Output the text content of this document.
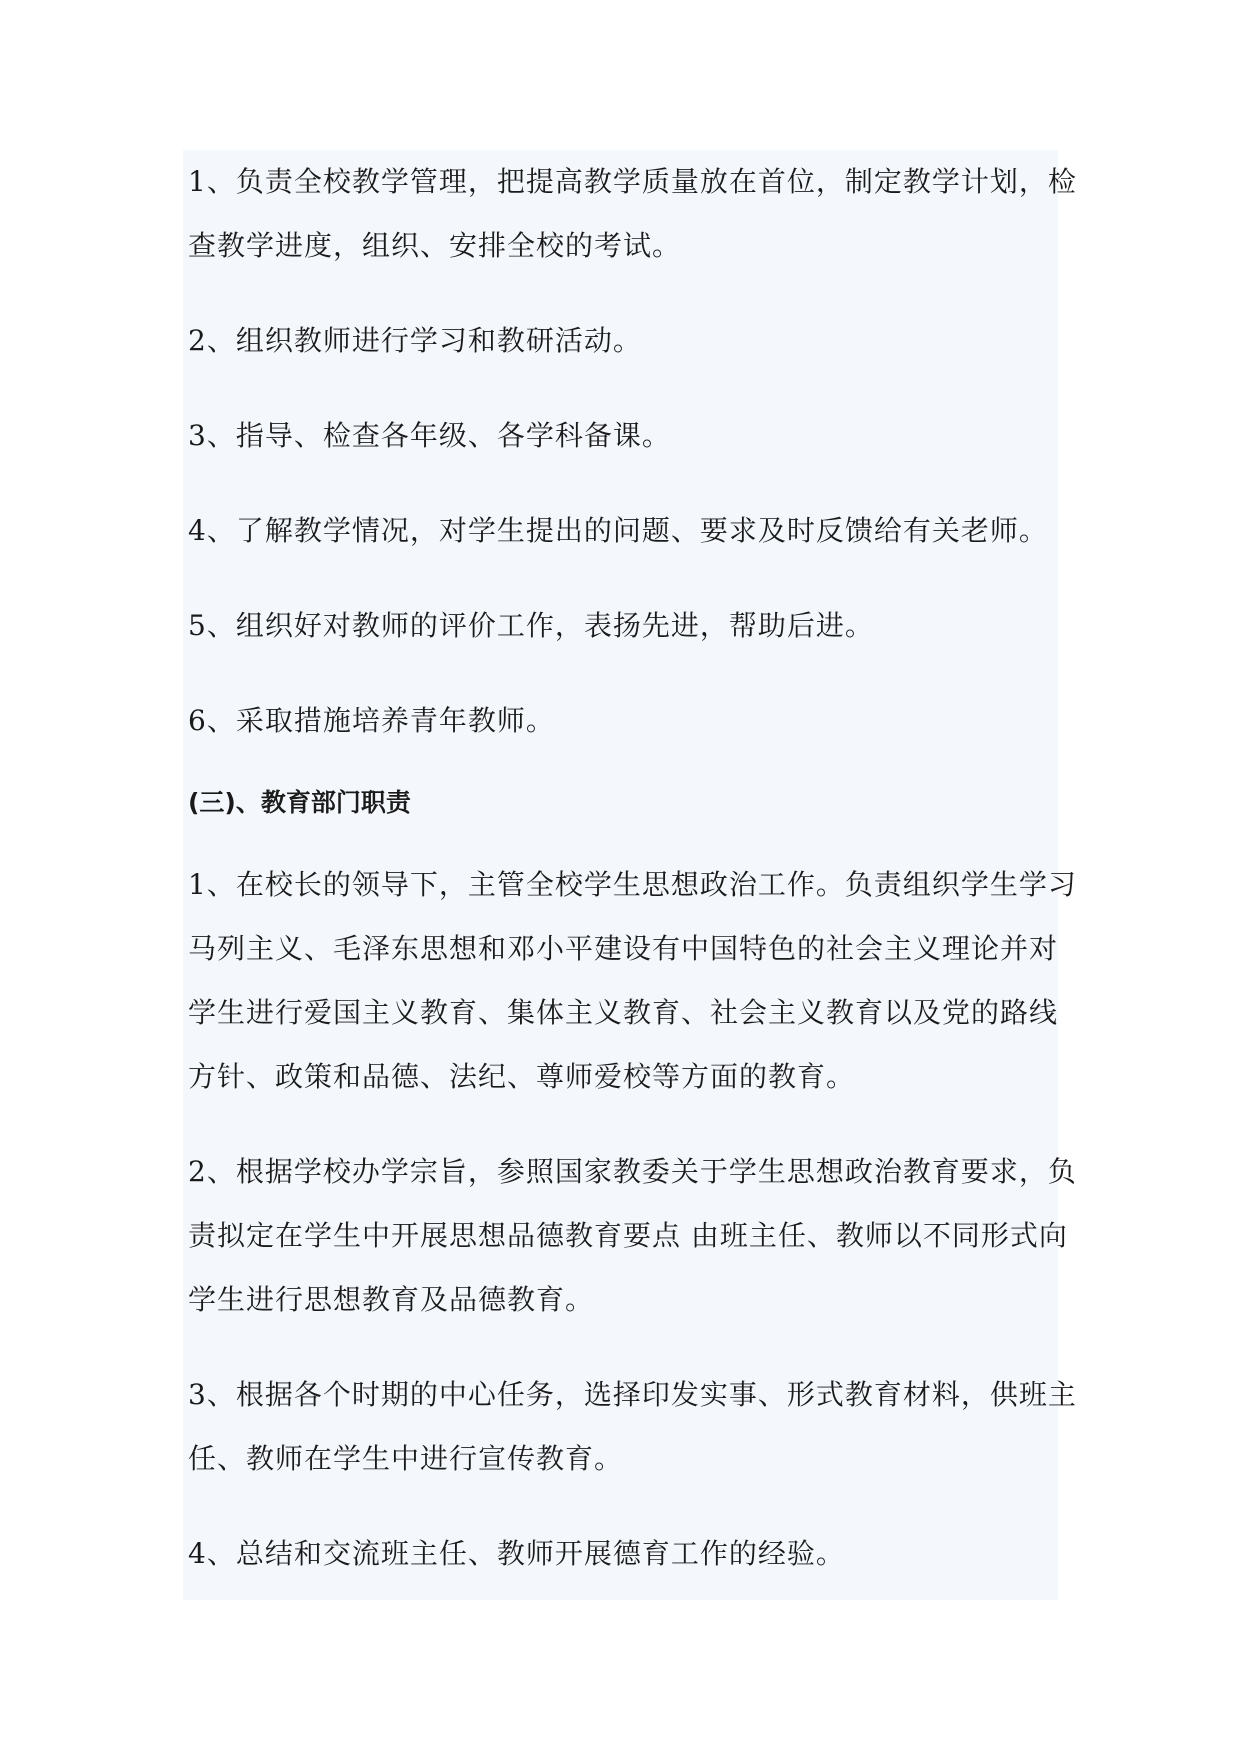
1、负责全校教学管理，把提高教学质量放在首位，制定教学计划，检查教学进度，组织、安排全校的考试。

2、组织教师进行学习和教研活动。

3、指导、检查各年级、各学科备课。

4、了解教学情况，对学生提出的问题、要求及时反馈给有关老师。

5、组织好对教师的评价工作，表扬先进，帮助后进。

6、采取措施培养青年教师。

(三)、教育部门职责

1、在校长的领导下，主管全校学生思想政治工作。负责组织学生学习马列主义、毛泽东思想和邓小平建设有中国特色的社会主义理论并对学生进行爱国主义教育、集体主义教育、社会主义教育以及党的路线方针、政策和品德、法纪、尊师爱校等方面的教育。

2、根据学校办学宗旨，参照国家教委关于学生思想政治教育要求，负责拟定在学生中开展思想品德教育要点 由班主任、教师以不同形式向学生进行思想教育及品德教育。

3、根据各个时期的中心任务，选择印发实事、形式教育材料，供班主任、教师在学生中进行宣传教育。

4、总结和交流班主任、教师开展德育工作的经验。
